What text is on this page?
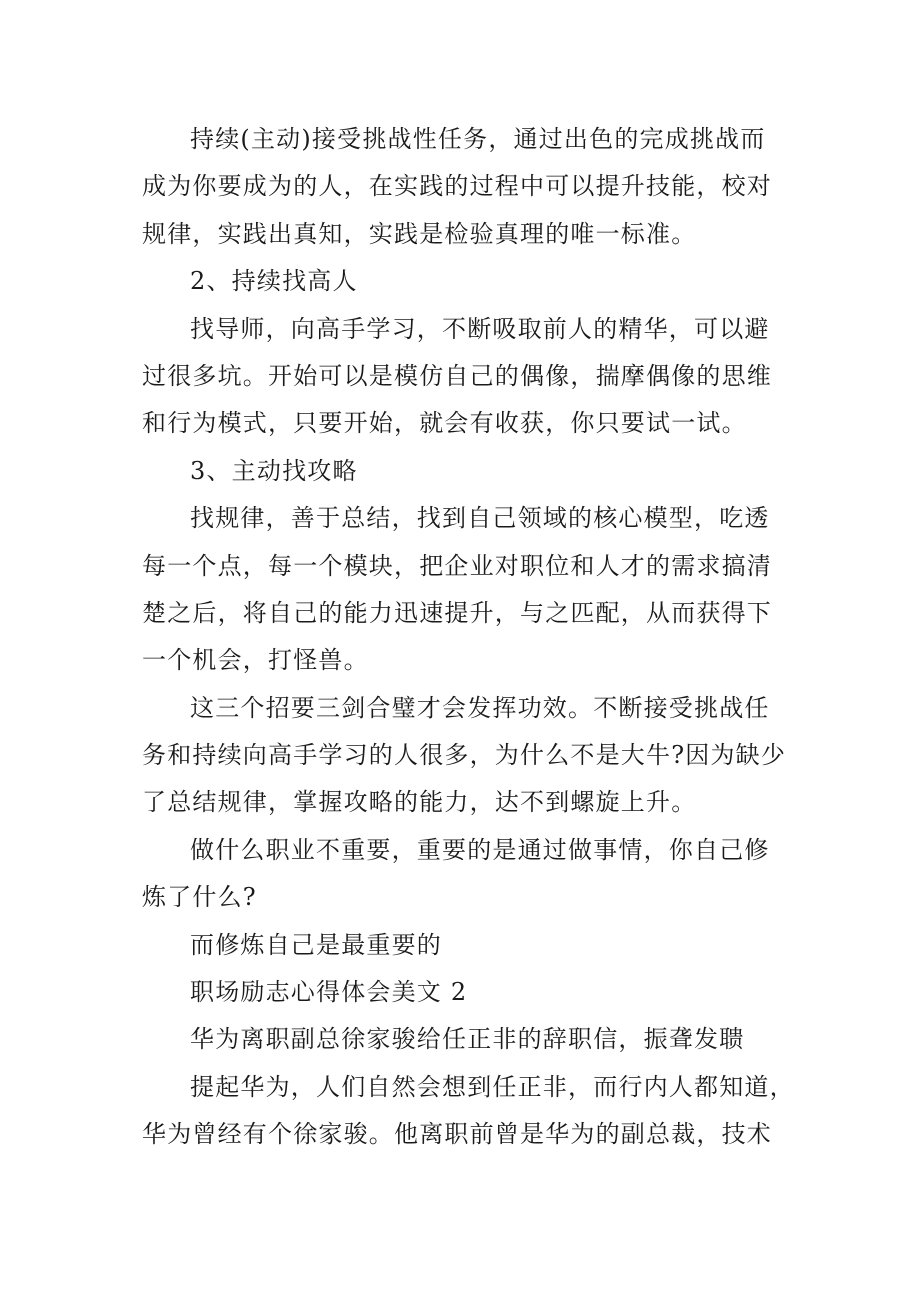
持续(主动)接受挑战性任务，通过出色的完成挑战而
成为你要成为的人，在实践的过程中可以提升技能，校对
规律，实践出真知，实践是检验真理的唯一标准。
2、持续找高人
找导师，向高手学习，不断吸取前人的精华，可以避
过很多坑。开始可以是模仿自己的偶像，揣摩偶像的思维
和行为模式，只要开始，就会有收获，你只要试一试。
3、主动找攻略
找规律，善于总结，找到自己领域的核心模型，吃透
每一个点，每一个模块，把企业对职位和人才的需求搞清
楚之后，将自己的能力迅速提升，与之匹配，从而获得下
一个机会，打怪兽。
这三个招要三剑合璧才会发挥功效。不断接受挑战任
务和持续向高手学习的人很多，为什么不是大牛?因为缺少
了总结规律，掌握攻略的能力，达不到螺旋上升。
做什么职业不重要，重要的是通过做事情，你自己修
炼了什么?
而修炼自己是最重要的
职场励志心得体会美文 2
华为离职副总徐家骏给任正非的辞职信，振聋发聩
提起华为，人们自然会想到任正非，而行内人都知道，
华为曾经有个徐家骏。他离职前曾是华为的副总裁，技术
